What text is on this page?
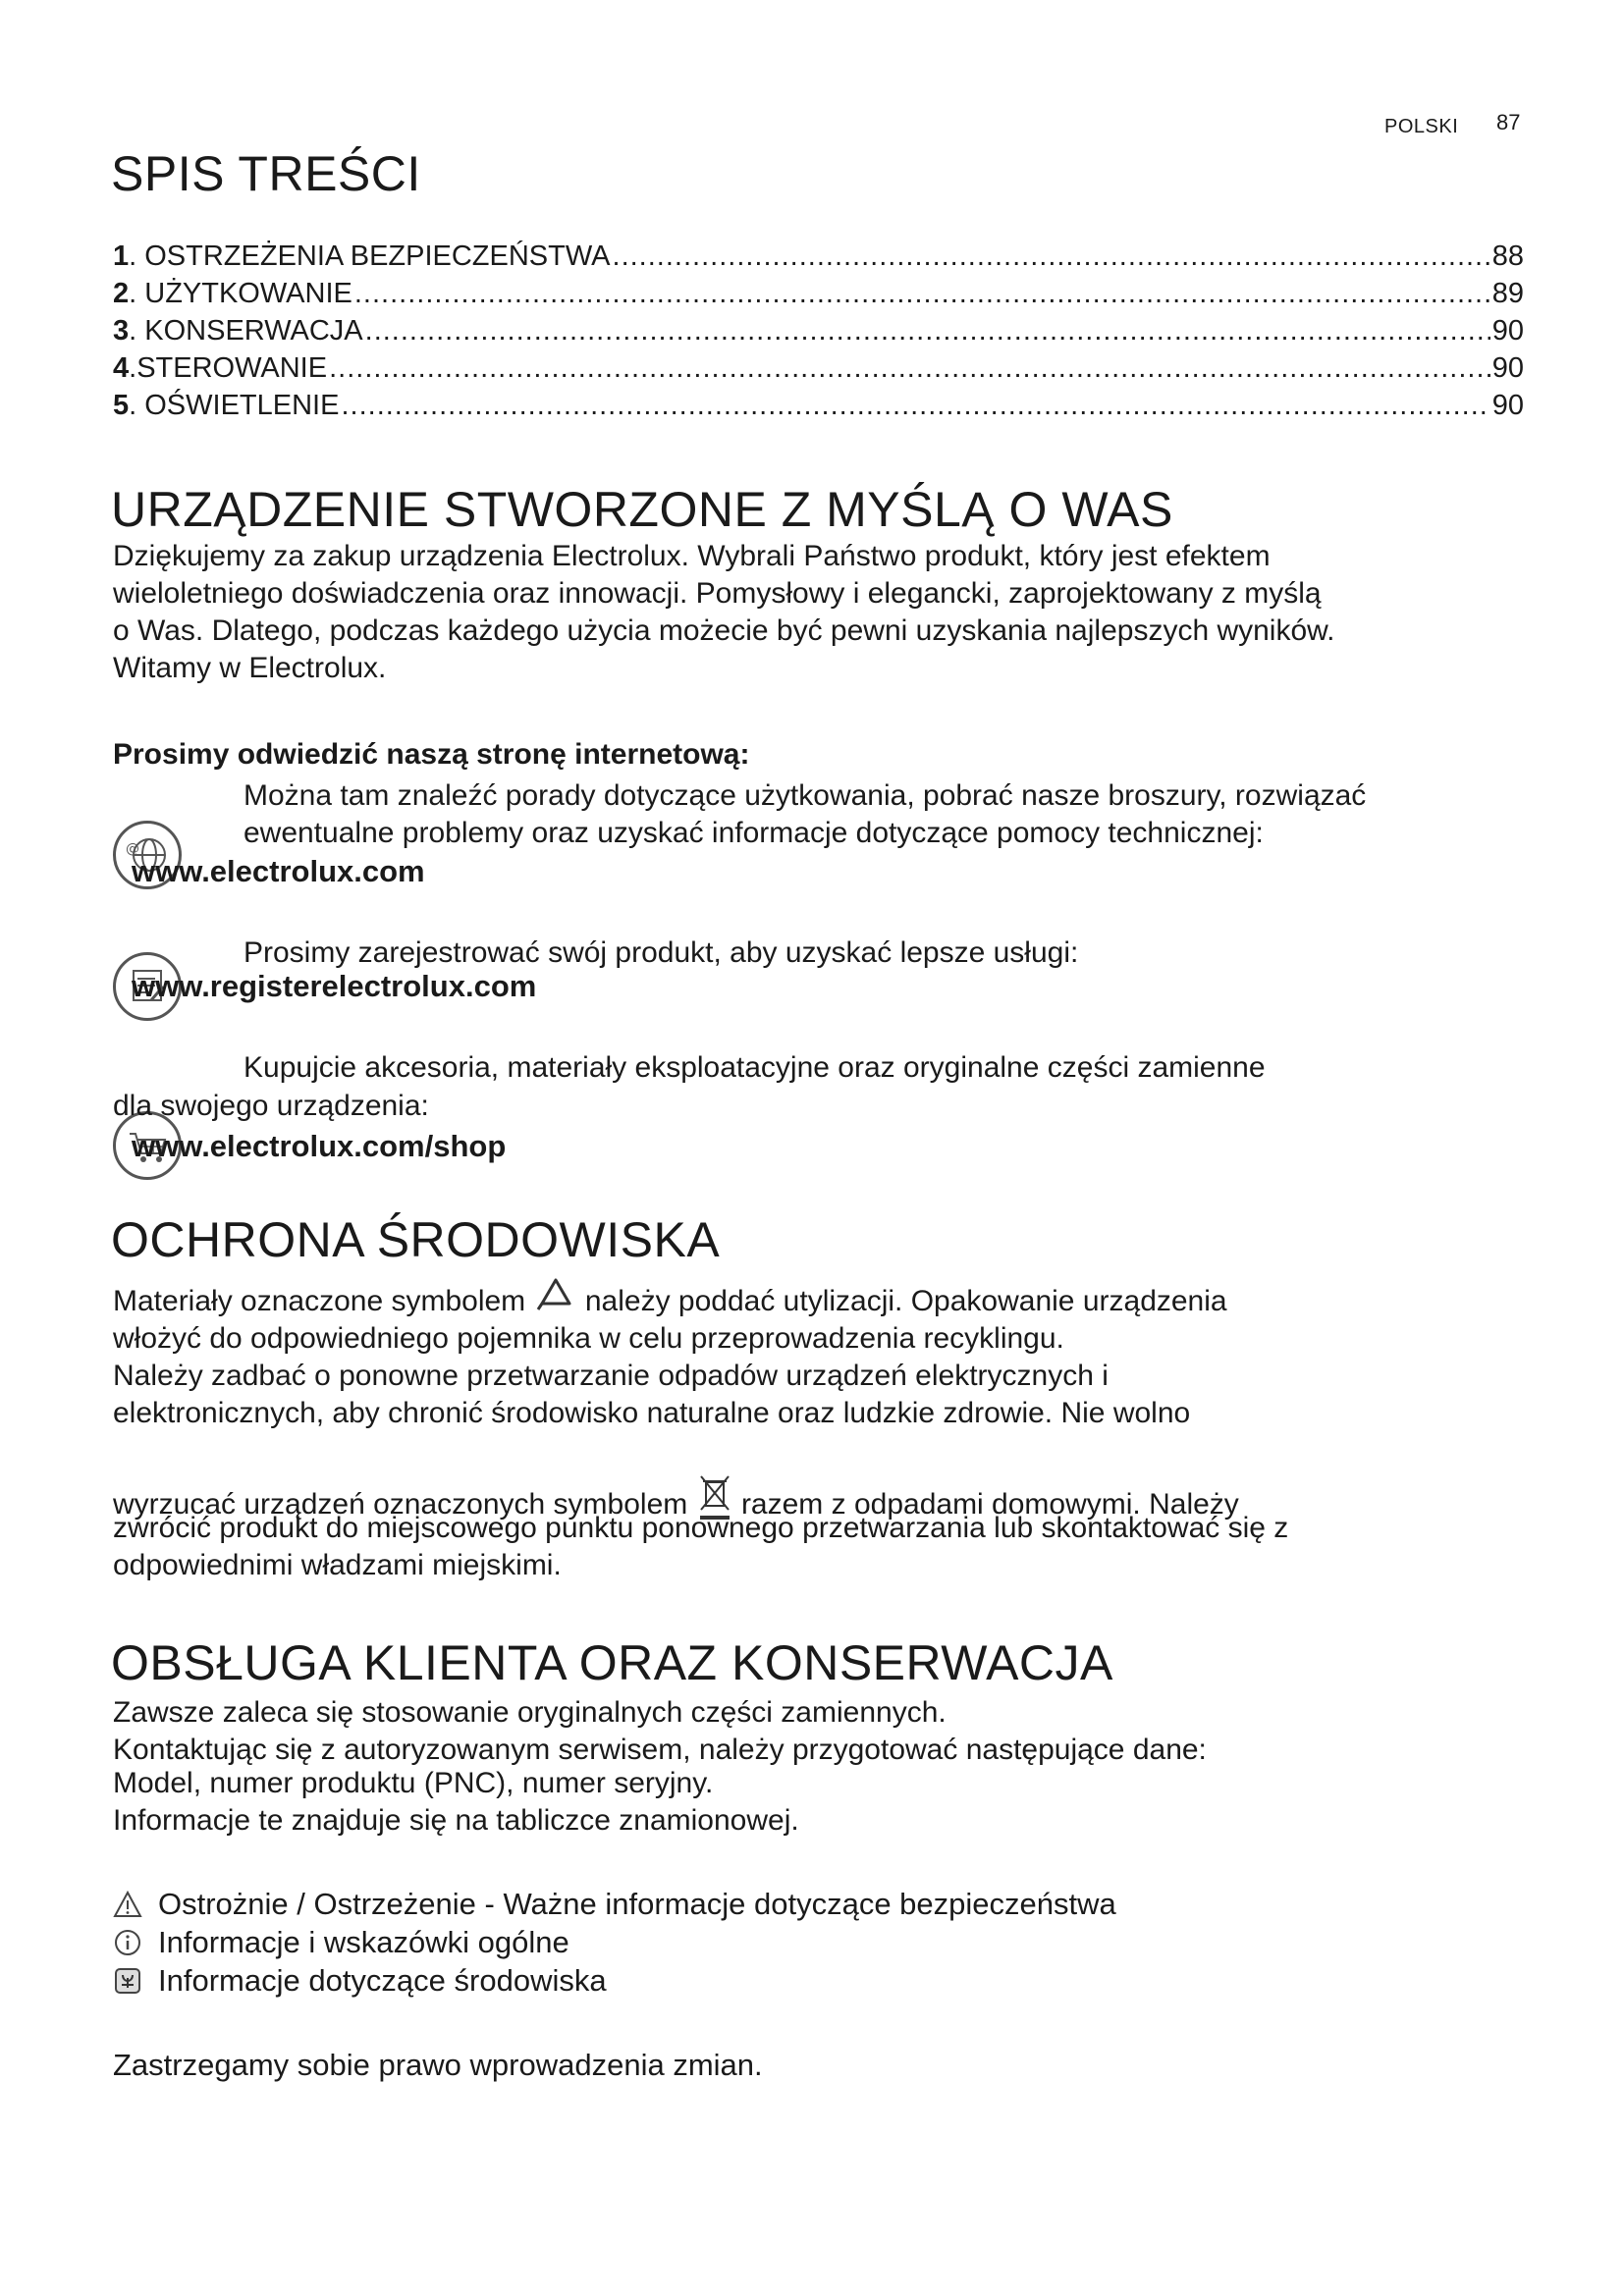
POLSKI 87
SPIS TREŚCI
1 . OSTRZEŻENIA BEZPIECZEŃSTWA .....	88
2 . UŻYTKOWANIE .....	89
3 . KONSERWACJA .....	90
4 .STEROWANIE .....	90
5 . OŚWIETLENIE .....	90
URZĄDZENIE STWORZONE Z MYŚLĄ O WAS
Dziękujemy za zakup urządzenia Electrolux. Wybrali Państwo produkt, który jest efektem
wieloletniego doświadczenia oraz innowacji. Pomysłowy i elegancki, zaprojektowany z myślą
o Was. Dlatego, podczas każdego użycia możecie być pewni uzyskania najlepszych wyników.
Witamy w Electrolux.
Prosimy odwiedzić naszą stronę internetową:
Można tam znaleźć porady dotyczące użytkowania, pobrać nasze broszury, rozwiązać
ewentualne problemy oraz uzyskać informacje dotyczące pomocy technicznej:
@
www.electrolux.com
Prosimy zarejestrować swój produkt, aby uzyskać lepsze usługi:
www.registerelectrolux.com
Kupujcie akcesoria, materiały eksploatacyjne oraz oryginalne części zamienne
dla swojego urządzenia:
www.electrolux.com/shop
OCHRONA ŚRODOWISKA
Materiały oznaczone symbolem należy poddać utylizacji. Opakowanie urządzenia
włożyć do odpowiedniego pojemnika w celu przeprowadzenia recyklingu.
Należy zadbać o ponowne przetwarzanie odpadów urządzeń elektrycznych i
elektronicznych, aby chronić środowisko naturalne oraz ludzkie zdrowie. Nie wolno
wyrzucać urządzeń oznaczonych symbolem razem z odpadami domowymi. Należy
zwrócić produkt do miejscowego punktu ponownego przetwarzania lub skontaktować się z
odpowiednimi władzami miejskimi.
OBSŁUGA KLIENTA ORAZ KONSERWACJA
Zawsze zaleca się stosowanie oryginalnych części zamiennych.
Kontaktując się z autoryzowanym serwisem, należy przygotować następujące dane:
Model, numer produktu (PNC), numer seryjny.
Informacje te znajduje się na tabliczce znamionowej.
Ostrożnie / Ostrzeżenie - Ważne informacje dotyczące bezpieczeństwa
Informacje i wskazówki ogólne
Informacje dotyczące środowiska
Zastrzegamy sobie prawo wprowadzenia zmian.
